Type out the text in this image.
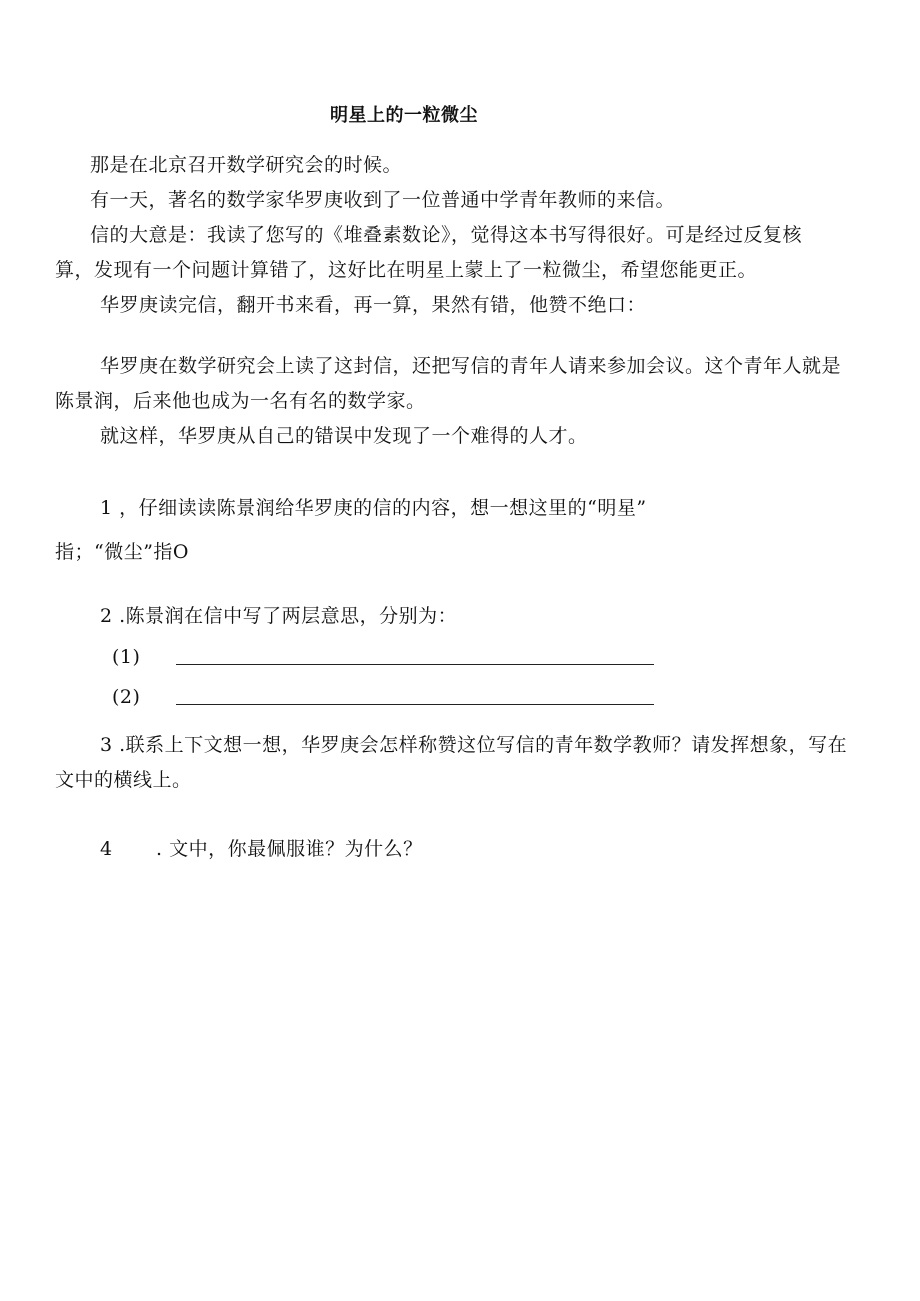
明星上的一粒微尘
那是在北京召开数学研究会的时候。
有一天，著名的数学家华罗庚收到了一位普通中学青年教师的来信。
信的大意是：我读了您写的《堆叠素数论》，觉得这本书写得很好。可是经过反复核
算，发现有一个问题计算错了，这好比在明星上蒙上了一粒微尘，希望您能更正。
华罗庚读完信，翻开书来看，再一算，果然有错，他赞不绝口：
华罗庚在数学研究会上读了这封信，还把写信的青年人请来参加会议。这个青年人就是
陈景润，后来他也成为一名有名的数学家。
就这样，华罗庚从自己的错误中发现了一个难得的人才。
1 ，仔细读读陈景润给华罗庚的信的内容，想一想这里的“明星”
指；“微尘”指O
2 .陈景润在信中写了两层意思，分别为：
(1)
(2)
3 .联系上下文想一想，华罗庚会怎样称赞这位写信的青年数学教师？请发挥想象，写在
文中的横线上。
4 . 文中，你最佩服谁？为什么？
